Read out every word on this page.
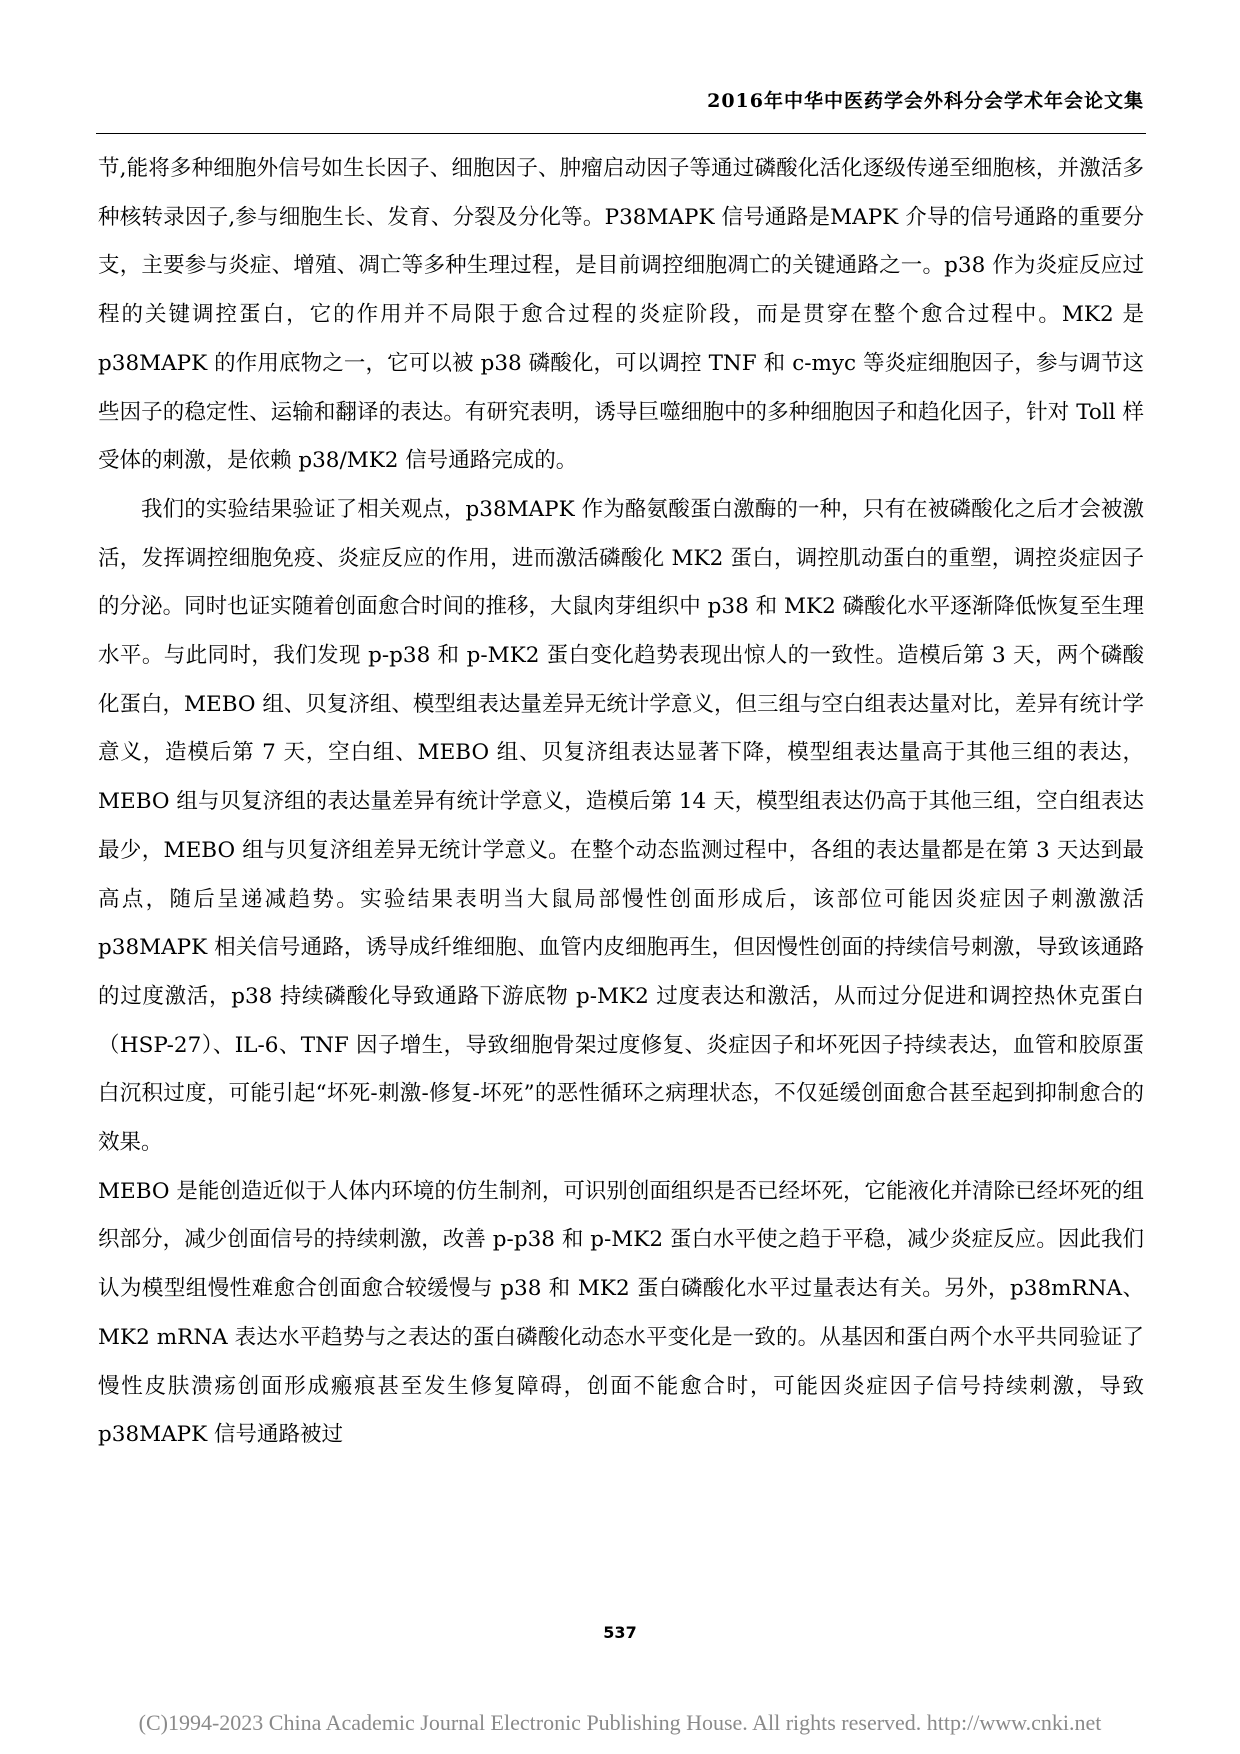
2016年中华中医药学会外科分会学术年会论文集

节,能将多种细胞外信号如生长因子、细胞因子、肿瘤启动因子等通过磷酸化活化逐级传递至细胞核，并激活多种核转录因子,参与细胞生长、发育、分裂及分化等。P38MAPK 信号通路是MAPK 介导的信号通路的重要分支，主要参与炎症、增殖、凋亡等多种生理过程，是目前调控细胞凋亡的关键通路之一。p38 作为炎症反应过程的关键调控蛋白，它的作用并不局限于愈合过程的炎症阶段，而是贯穿在整个愈合过程中。MK2 是 p38MAPK 的作用底物之一，它可以被 p38 磷酸化，可以调控 TNF 和 c-myc 等炎症细胞因子，参与调节这些因子的稳定性、运输和翻译的表达。有研究表明，诱导巨噬细胞中的多种细胞因子和趋化因子，针对 Toll 样受体的刺激，是依赖 p38/MK2 信号通路完成的。

我们的实验结果验证了相关观点，p38MAPK 作为酪氨酸蛋白激酶的一种，只有在被磷酸化之后才会被激活，发挥调控细胞免疫、炎症反应的作用，进而激活磷酸化 MK2 蛋白，调控肌动蛋白的重塑，调控炎症因子的分泌。同时也证实随着创面愈合时间的推移，大鼠肉芽组织中 p38 和 MK2 磷酸化水平逐渐降低恢复至生理水平。与此同时，我们发现 p-p38 和 p-MK2 蛋白变化趋势表现出惊人的一致性。造模后第 3 天，两个磷酸化蛋白，MEBO 组、贝复济组、模型组表达量差异无统计学意义，但三组与空白组表达量对比，差异有统计学意义，造模后第 7 天，空白组、MEBO 组、贝复济组表达显著下降，模型组表达量高于其他三组的表达，MEBO 组与贝复济组的表达量差异有统计学意义，造模后第 14 天，模型组表达仍高于其他三组，空白组表达最少，MEBO 组与贝复济组差异无统计学意义。在整个动态监测过程中，各组的表达量都是在第 3 天达到最高点，随后呈递减趋势。实验结果表明当大鼠局部慢性创面形成后，该部位可能因炎症因子刺激激活 p38MAPK 相关信号通路，诱导成纤维细胞、血管内皮细胞再生，但因慢性创面的持续信号刺激，导致该通路的过度激活，p38 持续磷酸化导致通路下游底物 p-MK2 过度表达和激活，从而过分促进和调控热休克蛋白（HSP-27）、IL-6、TNF 因子增生，导致细胞骨架过度修复、炎症因子和坏死因子持续表达，血管和胶原蛋白沉积过度，可能引起“坏死-刺激-修复-坏死”的恶性循环之病理状态，不仅延缓创面愈合甚至起到抑制愈合的效果。

MEBO 是能创造近似于人体内环境的仿生制剂，可识别创面组织是否已经坏死，它能液化并清除已经坏死的组织部分，减少创面信号的持续刺激，改善 p-p38 和 p-MK2 蛋白水平使之趋于平稳，减少炎症反应。因此我们认为模型组慢性难愈合创面愈合较缓慢与 p38 和 MK2 蛋白磷酸化水平过量表达有关。另外，p38mRNA、MK2 mRNA 表达水平趋势与之表达的蛋白磷酸化动态水平变化是一致的。从基因和蛋白两个水平共同验证了慢性皮肤溃疡创面形成瘢痕甚至发生修复障碍，创面不能愈合时，可能因炎症因子信号持续刺激，导致 p38MAPK 信号通路被过

537
(C)1994-2023 China Academic Journal Electronic Publishing House. All rights reserved. http://www.cnki.net
